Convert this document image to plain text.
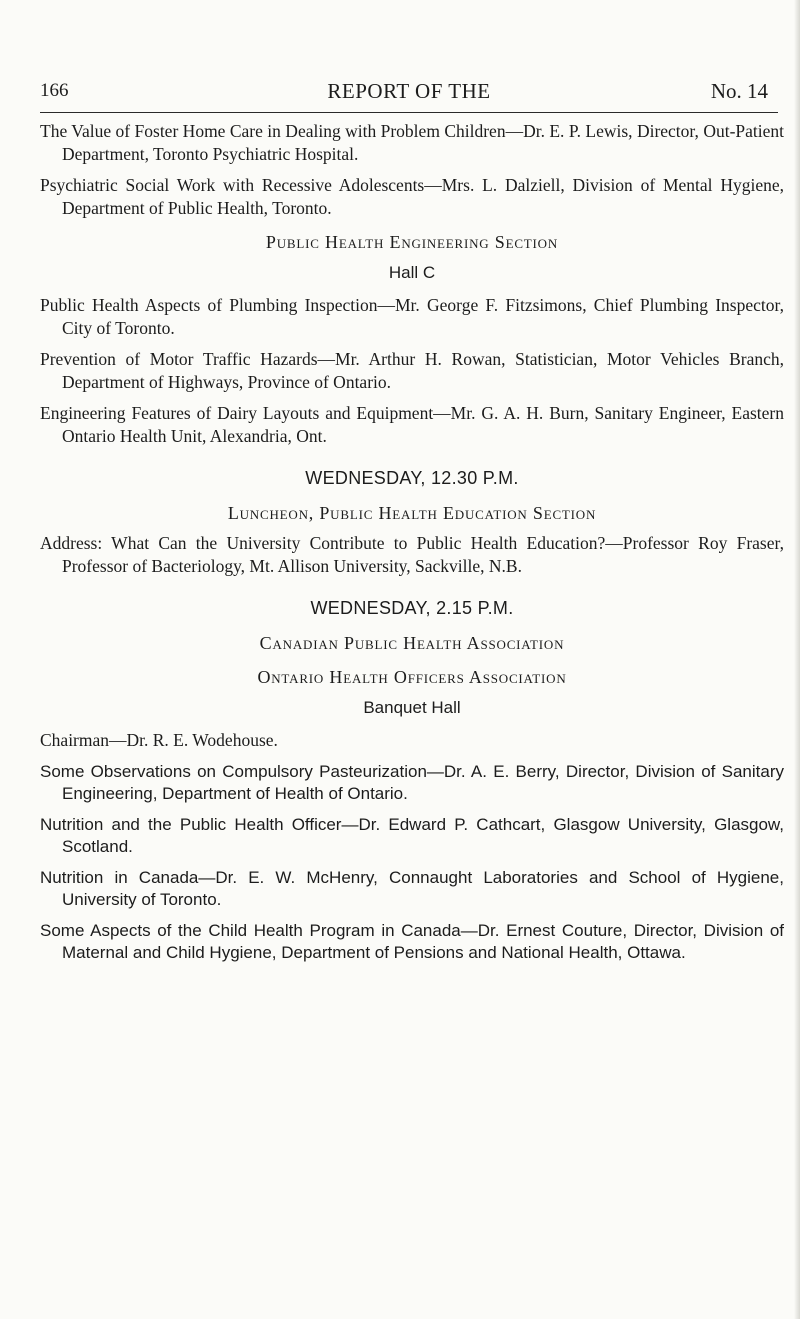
166	REPORT OF THE	No. 14

The Value of Foster Home Care in Dealing with Problem Children—Dr. E. P. Lewis, Director, Out-Patient Department, Toronto Psychiatric Hospital.

Psychiatric Social Work with Recessive Adolescents—Mrs. L. Dalziell, Division of Mental Hygiene, Department of Public Health, Toronto.

Public Health Engineering Section
Hall C

Public Health Aspects of Plumbing Inspection—Mr. George F. Fitzsimons, Chief Plumbing Inspector, City of Toronto.

Prevention of Motor Traffic Hazards—Mr. Arthur H. Rowan, Statistician, Motor Vehicles Branch, Department of Highways, Province of Ontario.

Engineering Features of Dairy Layouts and Equipment—Mr. G. A. H. Burn, Sanitary Engineer, Eastern Ontario Health Unit, Alexandria, Ont.

WEDNESDAY, 12.30 P.M.
Luncheon, Public Health Education Section

Address: What Can the University Contribute to Public Health Education?—Professor Roy Fraser, Professor of Bacteriology, Mt. Allison University, Sackville, N.B.

WEDNESDAY, 2.15 P.M.
Canadian Public Health Association
Ontario Health Officers Association
Banquet Hall

Chairman—Dr. R. E. Wodehouse.

Some Observations on Compulsory Pasteurization—Dr. A. E. Berry, Director, Division of Sanitary Engineering, Department of Health of Ontario.

Nutrition and the Public Health Officer—Dr. Edward P. Cathcart, Glasgow University, Glasgow, Scotland.

Nutrition in Canada—Dr. E. W. McHenry, Connaught Laboratories and School of Hygiene, University of Toronto.

Some Aspects of the Child Health Program in Canada—Dr. Ernest Couture, Director, Division of Maternal and Child Hygiene, Department of Pensions and National Health, Ottawa.
